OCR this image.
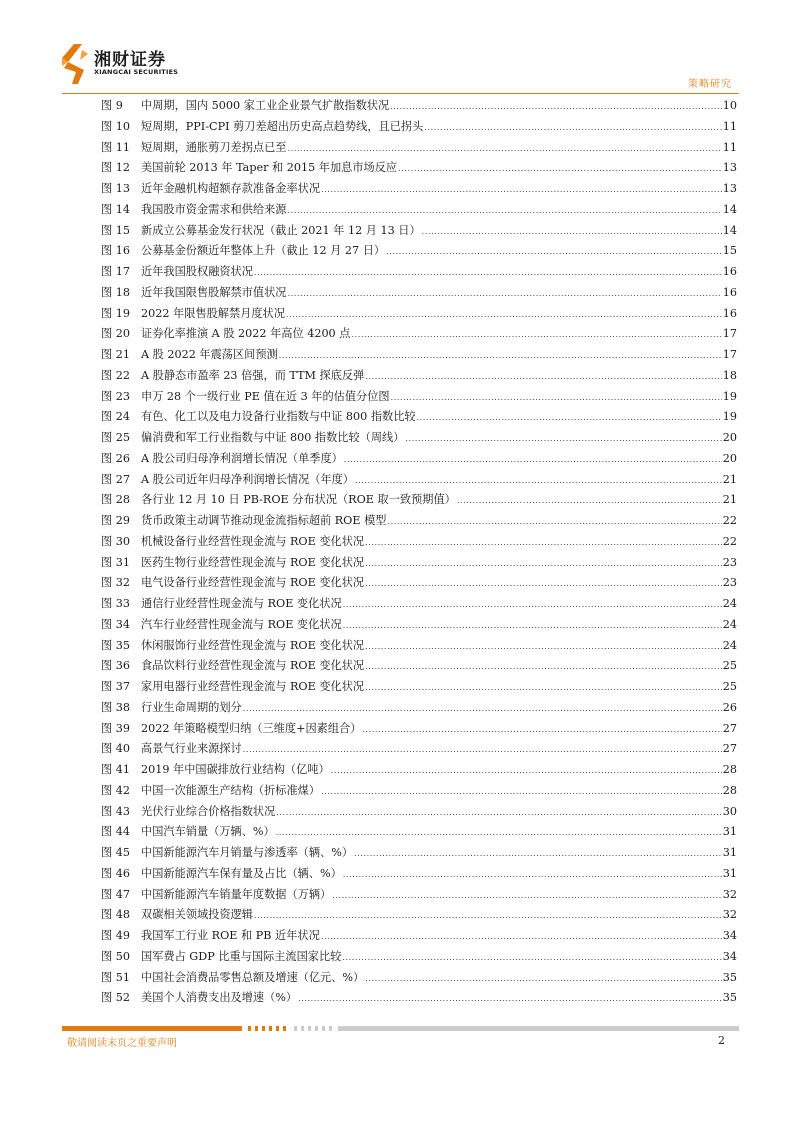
湘财证券
XIANGCAI SECURITIES
策略研究
图 9	中周期，国内 5000 家工业企业景气扩散指数状况 .....	10
图 10 短周期，PPI-CPI 剪刀差超出历史高点趋势线，且已拐头 .....	11
图 11 短周期，通胀剪刀差拐点已至 .....	11
图 12 美国前轮 2013 年 Taper 和 2015 年加息市场反应 .....	13
图 13 近年金融机构超额存款准备金率状况 .....	13
图 14 我国股市资金需求和供给来源 .....	14
图 15 新成立公募基金发行状况（截止 2021 年 12 月 13 日） .....	14
图 16 公募基金份额近年整体上升（截止 12 月 27 日） .....	15
图 17 近年我国股权融资状况 .....	16
图 18 近年我国限售股解禁市值状况 .....	16
图 19 2022 年限售股解禁月度状况 .....	16
图 20 证券化率推演 A 股 2022 年高位 4200 点 .....	17
图 21 A 股 2022 年震荡区间预测 .....	17
图 22 A 股静态市盈率 23 倍强，而 TTM 探底反弹 .....	18
图 23 申万 28 个一级行业 PE 值在近 3 年的估值分位图 .....	19
图 24 有色、化工以及电力设备行业指数与中证 800 指数比较 .....	19
图 25 偏消费和军工行业指数与中证 800 指数比较（周线） .....	20
图 26 A 股公司归母净利润增长情况（单季度） .....	20
图 27 A 股公司近年归母净利润增长情况（年度） .....	21
图 28 各行业 12 月 10 日 PB-ROE 分布状况（ROE 取一致预期值） .....	21
图 29 货币政策主动调节推动现金流指标超前 ROE 模型 .....	22
图 30 机械设备行业经营性现金流与 ROE 变化状况 .....	22
图 31 医药生物行业经营性现金流与 ROE 变化状况 .....	23
图 32 电气设备行业经营性现金流与 ROE 变化状况 .....	23
图 33 通信行业经营性现金流与 ROE 变化状况 .....	24
图 34 汽车行业经营性现金流与 ROE 变化状况 .....	24
图 35 休闲服饰行业经营性现金流与 ROE 变化状况 .....	24
图 36 食品饮料行业经营性现金流与 ROE 变化状况 .....	25
图 37 家用电器行业经营性现金流与 ROE 变化状况 .....	25
图 38 行业生命周期的划分 .....	26
图 39 2022 年策略模型归纳（三维度+因素组合） .....	27
图 40 高景气行业来源探讨 .....	27
图 41 2019 年中国碳排放行业结构（亿吨） .....	28
图 42 中国一次能源生产结构（折标准煤） .....	28
图 43 光伏行业综合价格指数状况 .....	30
图 44 中国汽车销量（万辆、%） .....	31
图 45 中国新能源汽车月销量与渗透率（辆、%） .....	31
图 46 中国新能源汽车保有量及占比（辆、%） .....	31
图 47 中国新能源汽车销量年度数据（万辆） .....	32
图 48 双碳相关领域投资逻辑 .....	32
图 49 我国军工行业 ROE 和 PB 近年状况 .....	34
图 50 国军费占 GDP 比重与国际主流国家比较 .....	34
图 51 中国社会消费品零售总额及增速（亿元、%） .....	35
图 52 美国个人消费支出及增速（%） .....	35
敬请阅读末页之重要声明	2
